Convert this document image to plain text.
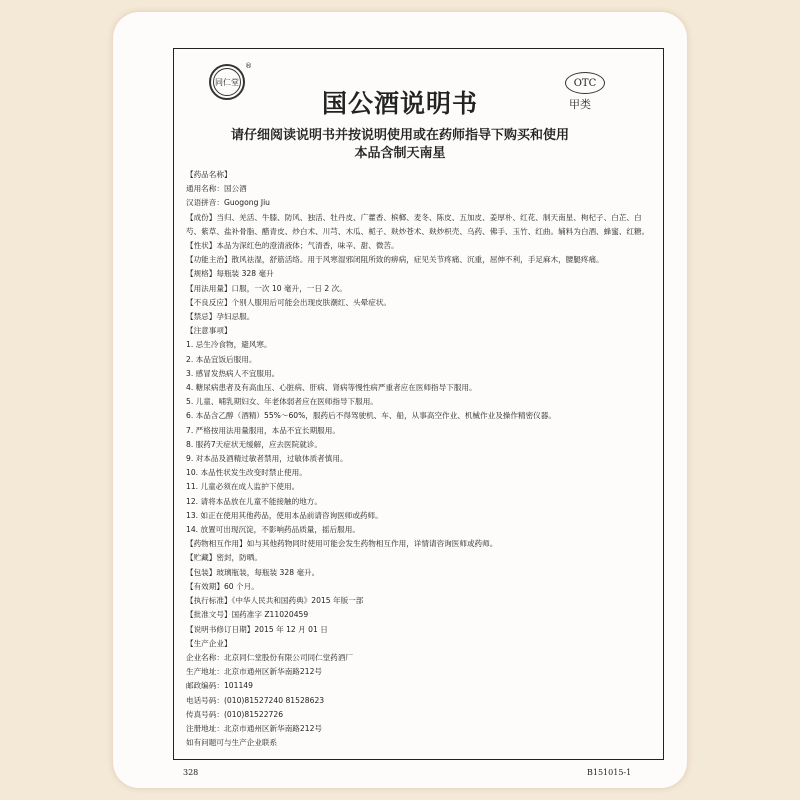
同仁堂
®
OTC
甲类
国公酒说明书
请仔细阅读说明书并按说明使用或在药师指导下购买和使用
本品含制天南星
【药品名称】
通用名称：国公酒
汉语拼音：Guogong Jiu
【成份】当归、羌活、牛膝、防风、独活、牡丹皮、广藿香、槟榔、麦冬、陈皮、五加皮、姜厚朴、红花、制天南星、枸杞子、白芷、白芍、紫草、盐补骨脂、醋青皮、炒白术、川芎、木瓜、栀子、麸炒苍术、麸炒枳壳、乌药、佛手、玉竹、红曲。辅料为白酒、蜂蜜、红糖。
【性状】本品为深红色的澄清液体；气清香，味辛、甜、微苦。
【功能主治】散风祛湿，舒筋活络。用于风寒湿邪闭阻所致的痹病，症见关节疼痛、沉重，屈伸不利，手足麻木，腰腿疼痛。
【规格】每瓶装 328 毫升
【用法用量】口服，一次 10 毫升，一日 2 次。
【不良反应】个别人服用后可能会出现皮肤潮红、头晕症状。
【禁忌】孕妇忌服。
【注意事项】
1. 忌生冷食物，避风寒。
2. 本品宜饭后服用。
3. 感冒发热病人不宜服用。
4. 糖尿病患者及有高血压、心脏病、肝病、肾病等慢性病严重者应在医师指导下服用。
5. 儿童、哺乳期妇女、年老体弱者应在医师指导下服用。
6. 本品含乙醇（酒精）55%～60%，服药后不得驾驶机、车、船，从事高空作业、机械作业及操作精密仪器。
7. 严格按用法用量服用，本品不宜长期服用。
8. 服药7天症状无缓解，应去医院就诊。
9. 对本品及酒精过敏者禁用，过敏体质者慎用。
10. 本品性状发生改变时禁止使用。
11. 儿童必须在成人监护下使用。
12. 请将本品放在儿童不能接触的地方。
13. 如正在使用其他药品，使用本品前请咨询医师或药师。
14. 放置可出现沉淀，不影响药品质量，摇后服用。
【药物相互作用】如与其他药物同时使用可能会发生药物相互作用，详情请咨询医师或药师。
【贮藏】密封，防晒。
【包装】玻璃瓶装，每瓶装 328 毫升。
【有效期】60 个月。
【执行标准】《中华人民共和国药典》2015 年版一部
【批准文号】国药准字 Z11020459
【说明书修订日期】2015 年 12 月 01 日
【生产企业】
企业名称：北京同仁堂股份有限公司同仁堂药酒厂
生产地址：北京市通州区新华南路212号
邮政编码：101149
电话号码：(010)81527240 81528623
传真号码：(010)81522726
注册地址：北京市通州区新华南路212号
如有问题可与生产企业联系
328	B151015-1
